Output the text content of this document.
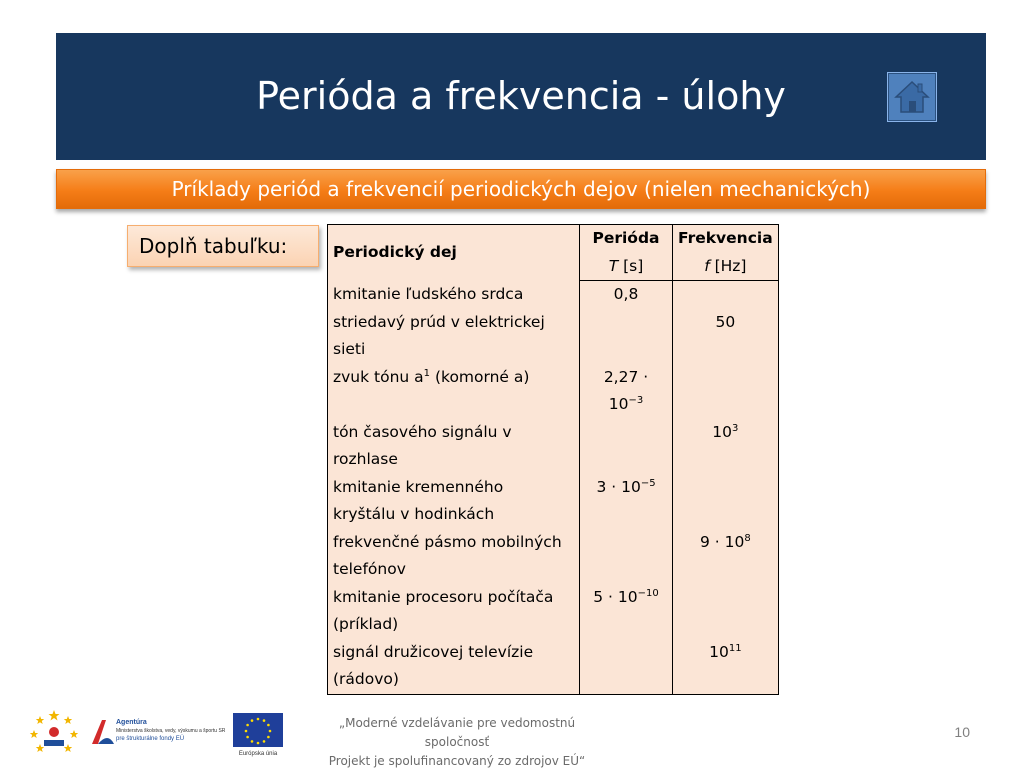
Perióda a frekvencia - úlohy
Príklady periód a frekvencií periodických dejov (nielen mechanických)
Doplň tabuľku:	Periodický dej	Perióda	Frekvencia
	T [s]	f [Hz]
kmitanie ľudského srdca	0,8	
striedavý prúd v elektrickej
sieti		50
zvuk tónu $a^1$ (komorné a)	$2,27 \cdot 10^{-3}$	
tón časového signálu v
rozhlase		$10^3$
kmitanie kremenného
kryštálu v hodinkách	$3 \cdot 10^{-5}$	
frekvenčné pásmo mobilných
telefónov		$9 \cdot 10^8$
kmitanie procesoru počítača
(príklad)	$5 \cdot 10^{-10}$	
signál družicovej televízie
(rádovo)		$10^{11}$
Agentúra
Ministerstva školstva, vedy, výskumu a športu SR
pre štrukturálne fondy EÚ
Európska únia
„Moderné vzdelávanie pre vedomostnú spoločnosť
Projekt je spolufinancovaný zo zdrojov EÚ“
10
